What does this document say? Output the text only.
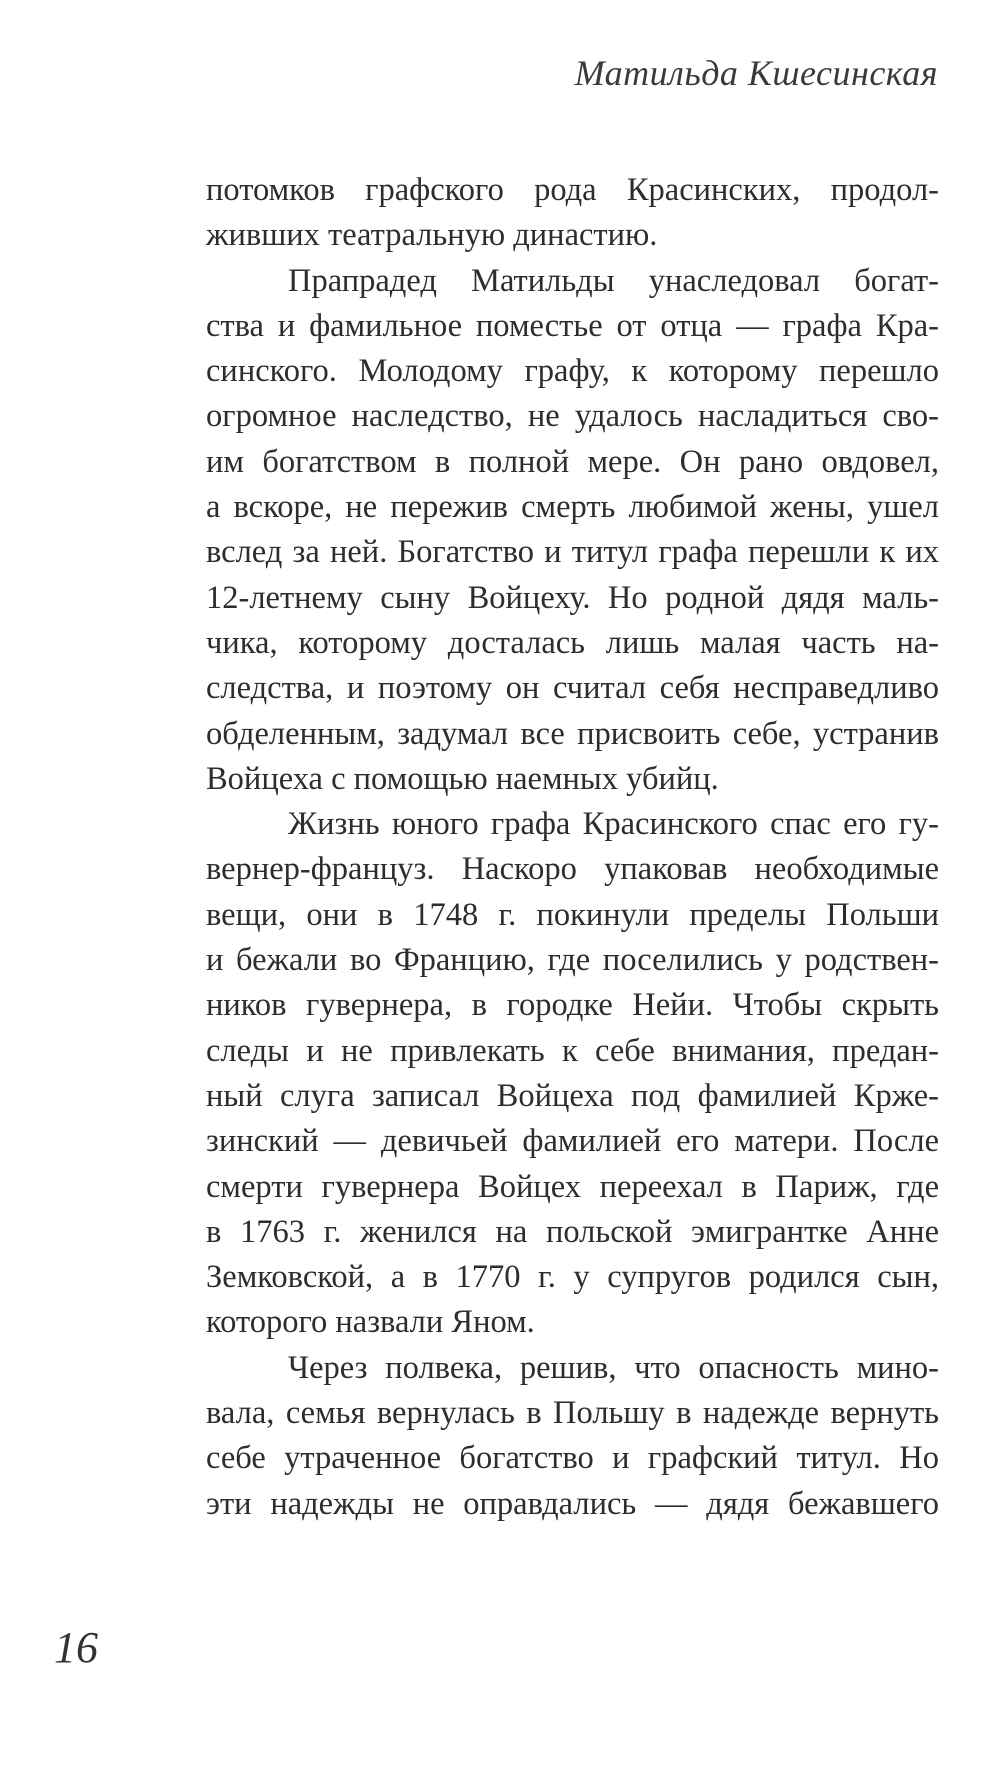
Матильда Кшесинская

потомков графского рода Красинских, продол-
живших театральную династию.

Прапрадед Матильды унаследовал богат-
ства и фамильное поместье от отца — графа Кра-
синского. Молодому графу, к которому перешло
огромное наследство, не удалось насладиться сво-
им богатством в полной мере. Он рано овдовел,
а вскоре, не пережив смерть любимой жены, ушел
вслед за ней. Богатство и титул графа перешли к их
12-летнему сыну Войцеху. Но родной дядя маль-
чика, которому досталась лишь малая часть на-
следства, и поэтому он считал себя несправедливо
обделенным, задумал все присвоить себе, устранив
Войцеха с помощью наемных убийц.

Жизнь юного графа Красинского спас его гу-
вернер-француз. Наскоро упаковав необходимые
вещи, они в 1748 г. покинули пределы Польши
и бежали во Францию, где поселились у родствен-
ников гувернера, в городке Нейи. Чтобы скрыть
следы и не привлекать к себе внимания, предан-
ный слуга записал Войцеха под фамилией Крже-
зинский — девичьей фамилией его матери. После
смерти гувернера Войцех переехал в Париж, где
в 1763 г. женился на польской эмигрантке Анне
Земковской, а в 1770 г. у супругов родился сын,
которого назвали Яном.

Через полвека, решив, что опасность мино-
вала, семья вернулась в Польшу в надежде вернуть
себе утраченное богатство и графский титул. Но
эти надежды не оправдались — дядя бежавшего

16
